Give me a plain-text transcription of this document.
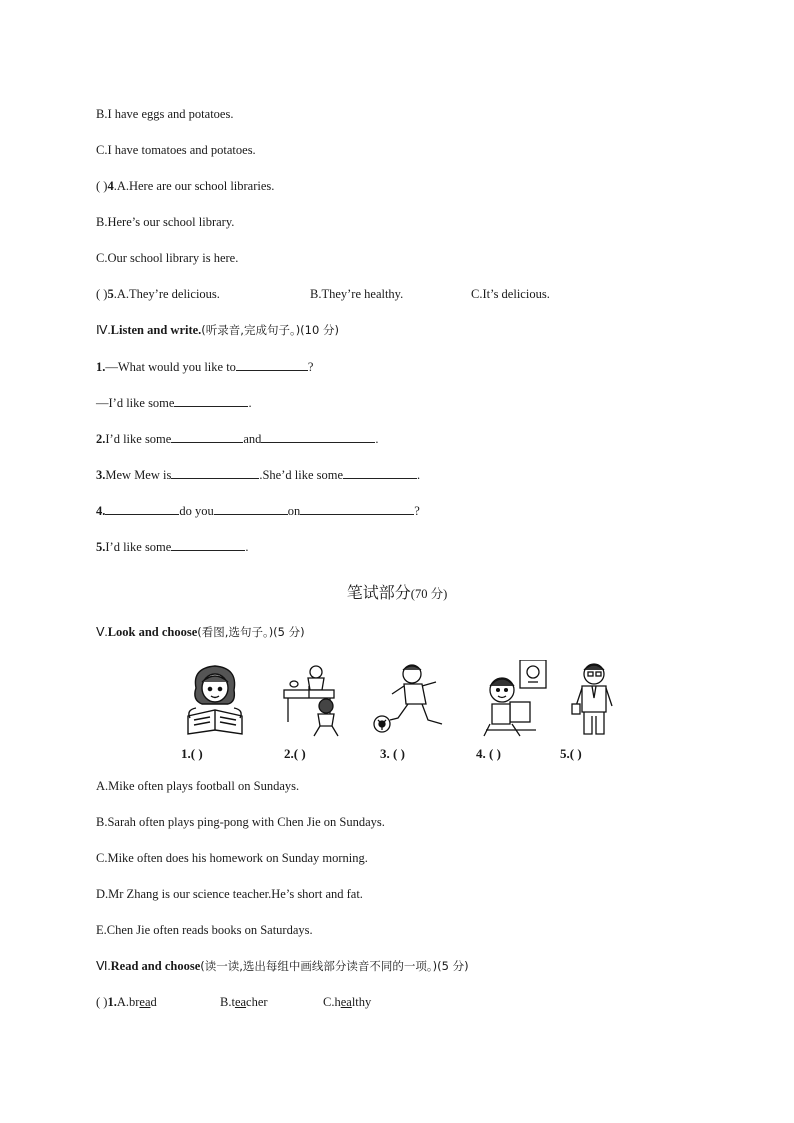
B.I have eggs and potatoes.
C.I have tomatoes and potatoes.
( )4.A.Here are our school libraries.
B.Here’s our school library.
C.Our school library is here.
( )5.A.They’re delicious.	B.They’re healthy.	C.It’s delicious.
Ⅳ.Listen and write.(听录音,完成句子。)(10 分)
1.—What would you like to	?
—I’d like some	.
2.I’d like some	and	.
3.Mew Mew is	.She’d like some	.
4.	do you	on	?
5.I’d like some	.
笔试部分(70 分)
Ⅴ.Look and choose(看图,选句子。)(5 分)
1.( )	2.( )	3. ( )	4. ( )	5.( )
A.Mike often plays football on Sundays.
B.Sarah often plays ping-pong with Chen Jie on Sundays.
C.Mike often does his homework on Sunday morning.
D.Mr Zhang is our science teacher.He’s short and fat.
E.Chen Jie often reads books on Saturdays.
Ⅵ.Read and choose(读一读,选出每组中画线部分读音不同的一项。)(5 分)
( )1.A.bread	B.teacher	C.healthy
